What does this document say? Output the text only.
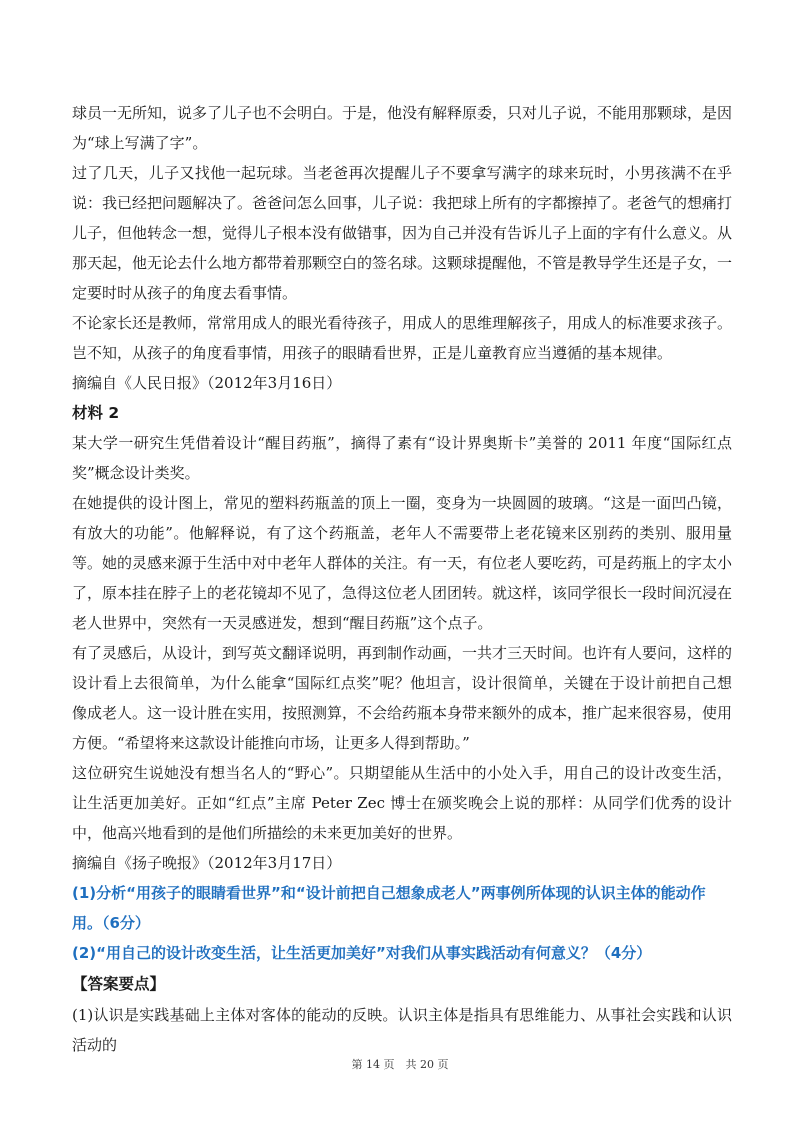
球员一无所知，说多了儿子也不会明白。于是，他没有解释原委，只对儿子说，不能用那颗球，是因为“球上写满了字”。

过了几天，儿子又找他一起玩球。当老爸再次提醒儿子不要拿写满字的球来玩时，小男孩满不在乎说：我已经把问题解决了。爸爸问怎么回事，儿子说：我把球上所有的字都擦掉了。老爸气的想痛打儿子，但他转念一想，觉得儿子根本没有做错事，因为自己并没有告诉儿子上面的字有什么意义。从那天起，他无论去什么地方都带着那颗空白的签名球。这颗球提醒他，不管是教导学生还是子女，一定要时时从孩子的角度去看事情。

不论家长还是教师，常常用成人的眼光看待孩子，用成人的思维理解孩子，用成人的标准要求孩子。岂不知，从孩子的角度看事情，用孩子的眼睛看世界，正是儿童教育应当遵循的基本规律。

摘编自《人民日报》（2012年3月16日）

材料 2

某大学一研究生凭借着设计“醒目药瓶”，摘得了素有“设计界奥斯卡”美誉的 2011 年度“国际红点奖”概念设计类奖。

在她提供的设计图上，常见的塑料药瓶盖的顶上一圈，变身为一块圆圆的玻璃。“这是一面凹凸镜，有放大的功能”。他解释说，有了这个药瓶盖，老年人不需要带上老花镜来区别药的类别、服用量等。她的灵感来源于生活中对中老年人群体的关注。有一天，有位老人要吃药，可是药瓶上的字太小了，原本挂在脖子上的老花镜却不见了，急得这位老人团团转。就这样，该同学很长一段时间沉浸在老人世界中，突然有一天灵感迸发，想到“醒目药瓶”这个点子。

有了灵感后，从设计，到写英文翻译说明，再到制作动画，一共才三天时间。也许有人要问，这样的设计看上去很简单，为什么能拿“国际红点奖”呢？他坦言，设计很简单，关键在于设计前把自己想像成老人。这一设计胜在实用，按照测算，不会给药瓶本身带来额外的成本，推广起来很容易，使用方便。“希望将来这款设计能推向市场，让更多人得到帮助。”

这位研究生说她没有想当名人的“野心”。只期望能从生活中的小处入手，用自己的设计改变生活，让生活更加美好。正如“红点”主席 Peter Zec 博士在颁奖晚会上说的那样：从同学们优秀的设计中，他高兴地看到的是他们所描绘的未来更加美好的世界。

摘编自《扬子晚报》（2012年3月17日）

(1)分析“用孩子的眼睛看世界”和“设计前把自己想象成老人”两事例所体现的认识主体的能动作用。（6分）

(2)“用自己的设计改变生活，让生活更加美好”对我们从事实践活动有何意义？（4分）

【答案要点】

(1)认识是实践基础上主体对客体的能动的反映。认识主体是指具有思维能力、从事社会实践和认识活动的

第 14 页　共 20 页
